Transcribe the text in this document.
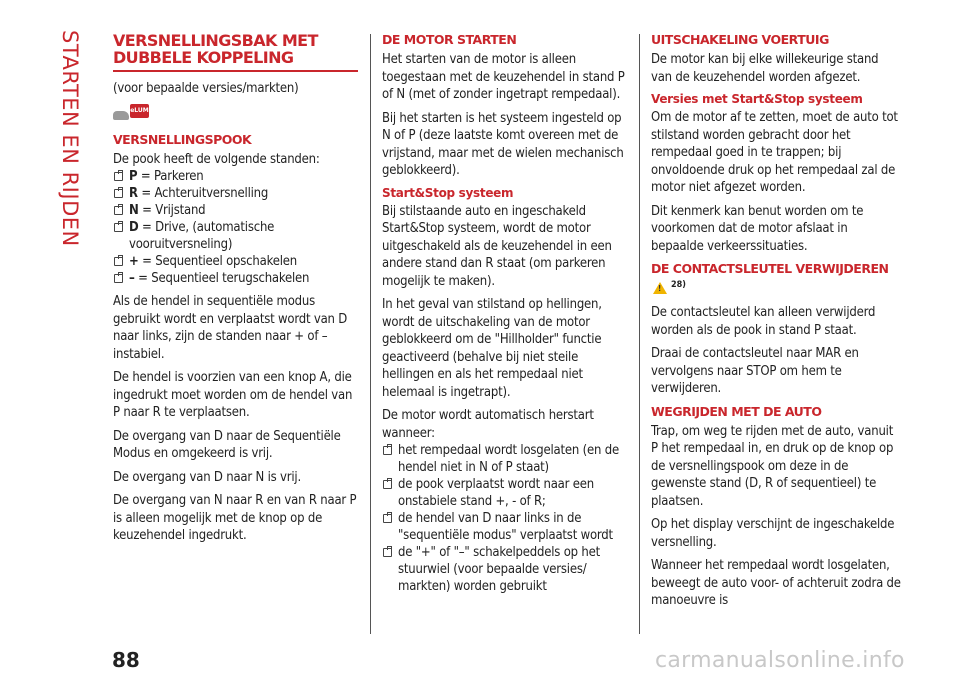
STARTEN EN RIJDEN VERSNELLINGSBAK MET
DUBBELE KOPPELING

(voor bepaalde versies/markten)

eLUM
VERSNELLINGSPOOK

De pook heeft de volgende standen:

P = Parkeren
R = Achteruitversnelling
N = Vrijstand
D = Drive, (automatische vooruitversneling)
+ = Sequentieel opschakelen
– = Sequentieel terugschakelen

Als de hendel in sequentiële modus gebruikt wordt en verplaatst wordt van D naar links, zijn de standen naar + of – instabiel.

De hendel is voorzien van een knop A, die ingedrukt moet worden om de hendel van P naar R te verplaatsen.

De overgang van D naar de Sequentiële Modus en omgekeerd is vrij.

De overgang van D naar N is vrij.

De overgang van N naar R en van R naar P is alleen mogelijk met de knop op de keuzehendel ingedrukt.

DE MOTOR STARTEN

Het starten van de motor is alleen toegestaan met de keuzehendel in stand P of N (met of zonder ingetrapt rempedaal).

Bij het starten is het systeem ingesteld op N of P (deze laatste komt overeen met de vrijstand, maar met de wielen mechanisch geblokkeerd).

Start&Stop systeem

Bij stilstaande auto en ingeschakeld Start&Stop systeem, wordt de motor uitgeschakeld als de keuzehendel in een andere stand dan R staat (om parkeren mogelijk te maken).

In het geval van stilstand op hellingen, wordt de uitschakeling van de motor geblokkeerd om de "Hillholder" functie geactiveerd (behalve bij niet steile hellingen en als het rempedaal niet helemaal is ingetrapt).

De motor wordt automatisch herstart wanneer:

het rempedaal wordt losgelaten (en de hendel niet in N of P staat)
de pook verplaatst wordt naar een onstabiele stand +, - of R;
de hendel van D naar links in de "sequentiële modus" verplaatst wordt
de "+" of "–" schakelpeddels op het stuurwiel (voor bepaalde versies/ markten) worden gebruikt
UITSCHAKELING VOERTUIG

De motor kan bij elke willekeurige stand van de keuzehendel worden afgezet.

Versies met Start&Stop systeem

Om de motor af te zetten, moet de auto tot stilstand worden gebracht door het rempedaal goed in te trappen; bij onvoldoende druk op het rempedaal zal de motor niet afgezet worden.

Dit kenmerk kan benut worden om te voorkomen dat de motor afslaat in bepaalde verkeerssituaties.

DE CONTACTSLEUTEL VERWIJDEREN
! 28)

De contactsleutel kan alleen verwijderd worden als de pook in stand P staat.

Draai de contactsleutel naar MAR en vervolgens naar STOP om hem te verwijderen.

WEGRIJDEN MET DE AUTO

Trap, om weg te rijden met de auto, vanuit P het rempedaal in, en druk op de knop op de versnellingspook om deze in de gewenste stand (D, R of sequentieel) te plaatsen.

Op het display verschijnt de ingeschakelde versnelling.

Wanneer het rempedaal wordt losgelaten, beweegt de auto voor- of achteruit zodra de manoeuvre is

88	carmanualsonline.info
